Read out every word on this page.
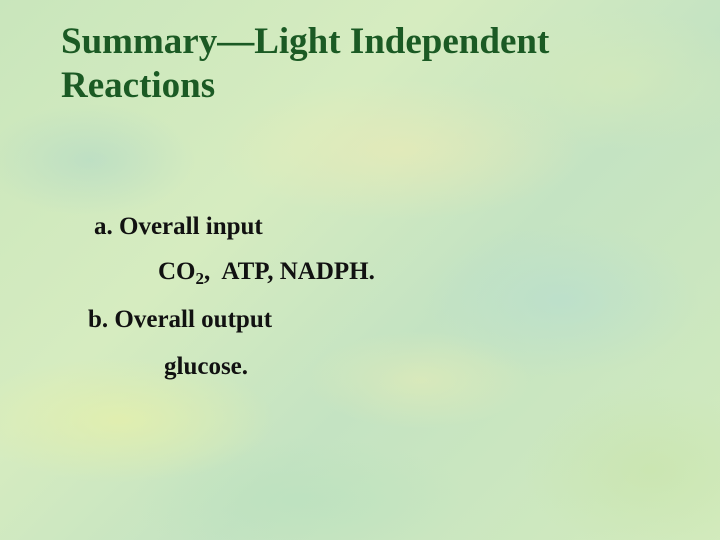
Summary—Light Independent Reactions
a. Overall input
$CO_2$,  ATP, NADPH.
b. Overall output
glucose.
